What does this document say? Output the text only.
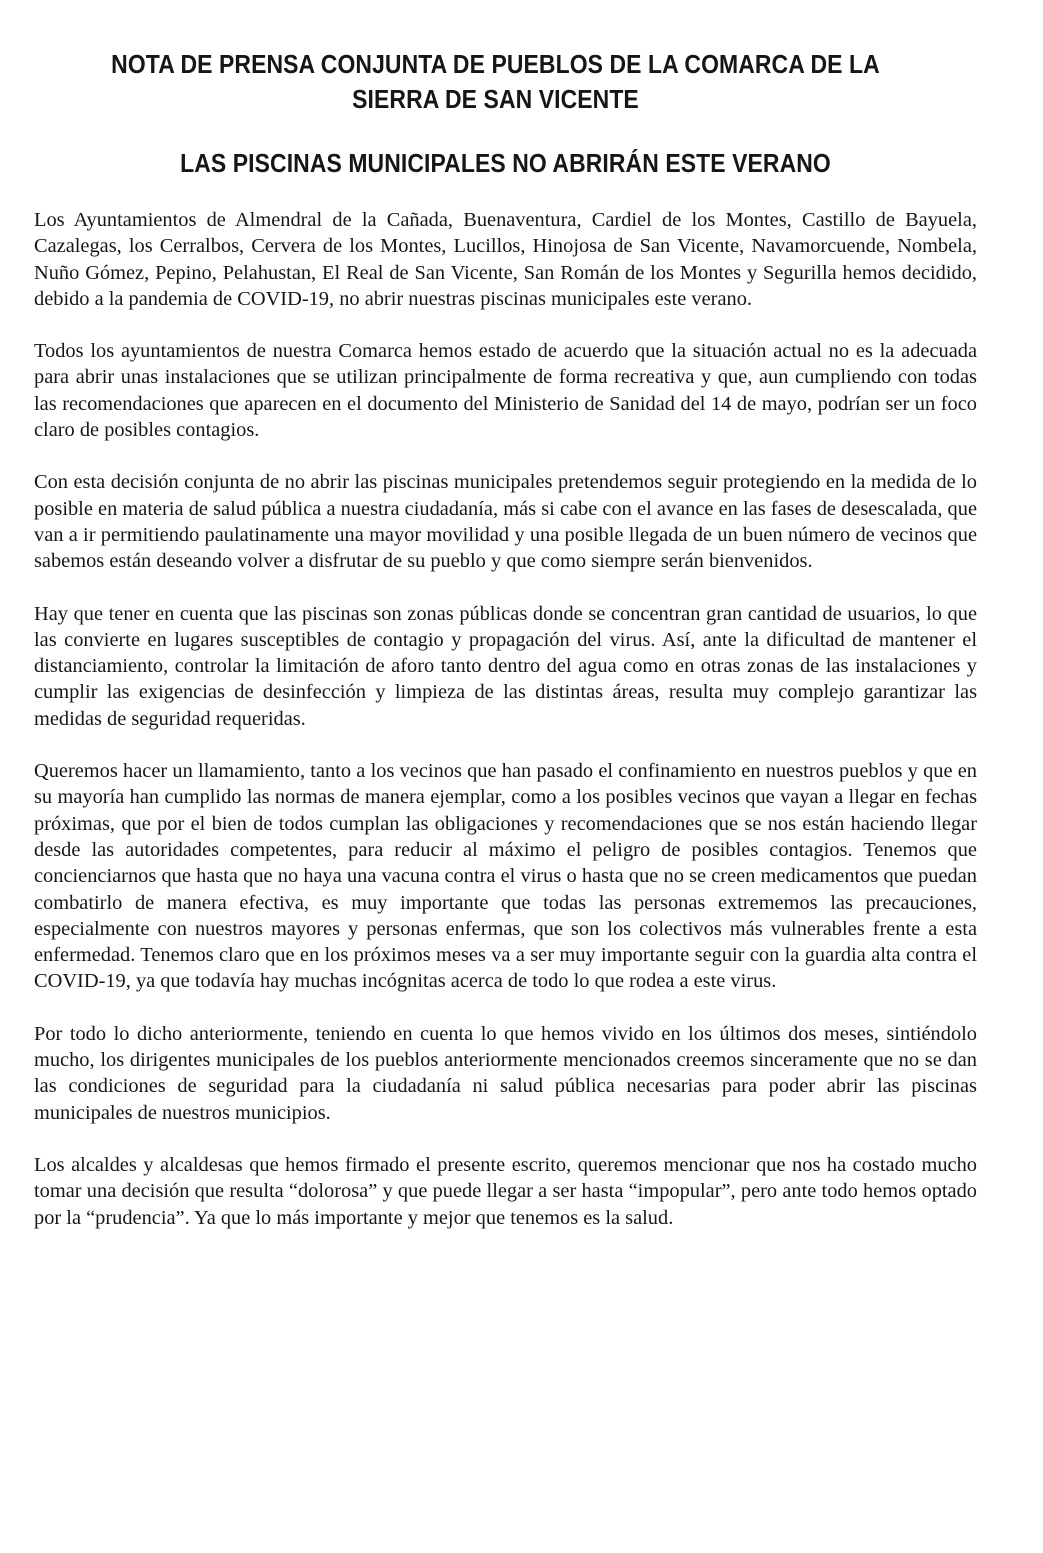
NOTA DE PRENSA CONJUNTA DE PUEBLOS DE LA COMARCA DE LA
SIERRA DE SAN VICENTE
LAS PISCINAS MUNICIPALES NO ABRIRÁN ESTE VERANO

Los Ayuntamientos de Almendral de la Cañada, Buenaventura, Cardiel de los Montes, Castillo de Bayuela, Cazalegas, los Cerralbos, Cervera de los Montes, Lucillos, Hinojosa de San Vicente, Navamorcuende, Nombela, Nuño Gómez, Pepino, Pelahustan, El Real de San Vicente, San Román de los Montes y Segurilla hemos decidido, debido a la pandemia de COVID-19, no abrir nuestras piscinas municipales este verano.

Todos los ayuntamientos de nuestra Comarca hemos estado de acuerdo que la situación actual no es la adecuada para abrir unas instalaciones que se utilizan principalmente de forma recreativa y que, aun cumpliendo con todas las recomendaciones que aparecen en el documento del Ministerio de Sanidad del 14 de mayo, podrían ser un foco claro de posibles contagios.

Con esta decisión conjunta de no abrir las piscinas municipales pretendemos seguir protegiendo en la medida de lo posible en materia de salud pública a nuestra ciudadanía, más si cabe con el avance en las fases de desescalada, que van a ir permitiendo paulatinamente una mayor movilidad y una posible llegada de un buen número de vecinos que sabemos están deseando volver a disfrutar de su pueblo y que como siempre serán bienvenidos.

Hay que tener en cuenta que las piscinas son zonas públicas donde se concentran gran cantidad de usuarios, lo que las convierte en lugares susceptibles de contagio y propagación del virus. Así, ante la dificultad de mantener el distanciamiento, controlar la limitación de aforo tanto dentro del agua como en otras zonas de las instalaciones y cumplir las exigencias de desinfección y limpieza de las distintas áreas, resulta muy complejo garantizar las medidas de seguridad requeridas.

Queremos hacer un llamamiento, tanto a los vecinos que han pasado el confinamiento en nuestros pueblos y que en su mayoría han cumplido las normas de manera ejemplar, como a los posibles vecinos que vayan a llegar en fechas próximas, que por el bien de todos cumplan las obligaciones y recomendaciones que se nos están haciendo llegar desde las autoridades competentes, para reducir al máximo el peligro de posibles contagios. Tenemos que concienciarnos que hasta que no haya una vacuna contra el virus o hasta que no se creen medicamentos que puedan combatirlo de manera efectiva, es muy importante que todas las personas extrememos las precauciones, especialmente con nuestros mayores y personas enfermas, que son los colectivos más vulnerables frente a esta enfermedad. Tenemos claro que en los próximos meses va a ser muy importante seguir con la guardia alta contra el COVID-19, ya que todavía hay muchas incógnitas acerca de todo lo que rodea a este virus.

Por todo lo dicho anteriormente, teniendo en cuenta lo que hemos vivido en los últimos dos meses, sintiéndolo mucho, los dirigentes municipales de los pueblos anteriormente mencionados creemos sinceramente que no se dan las condiciones de seguridad para la ciudadanía ni salud pública necesarias para poder abrir las piscinas municipales de nuestros municipios.

Los alcaldes y alcaldesas que hemos firmado el presente escrito, queremos mencionar que nos ha costado mucho tomar una decisión que resulta “dolorosa” y que puede llegar a ser hasta “impopular”, pero ante todo hemos optado por la “prudencia”. Ya que lo más importante y mejor que tenemos es la salud.
